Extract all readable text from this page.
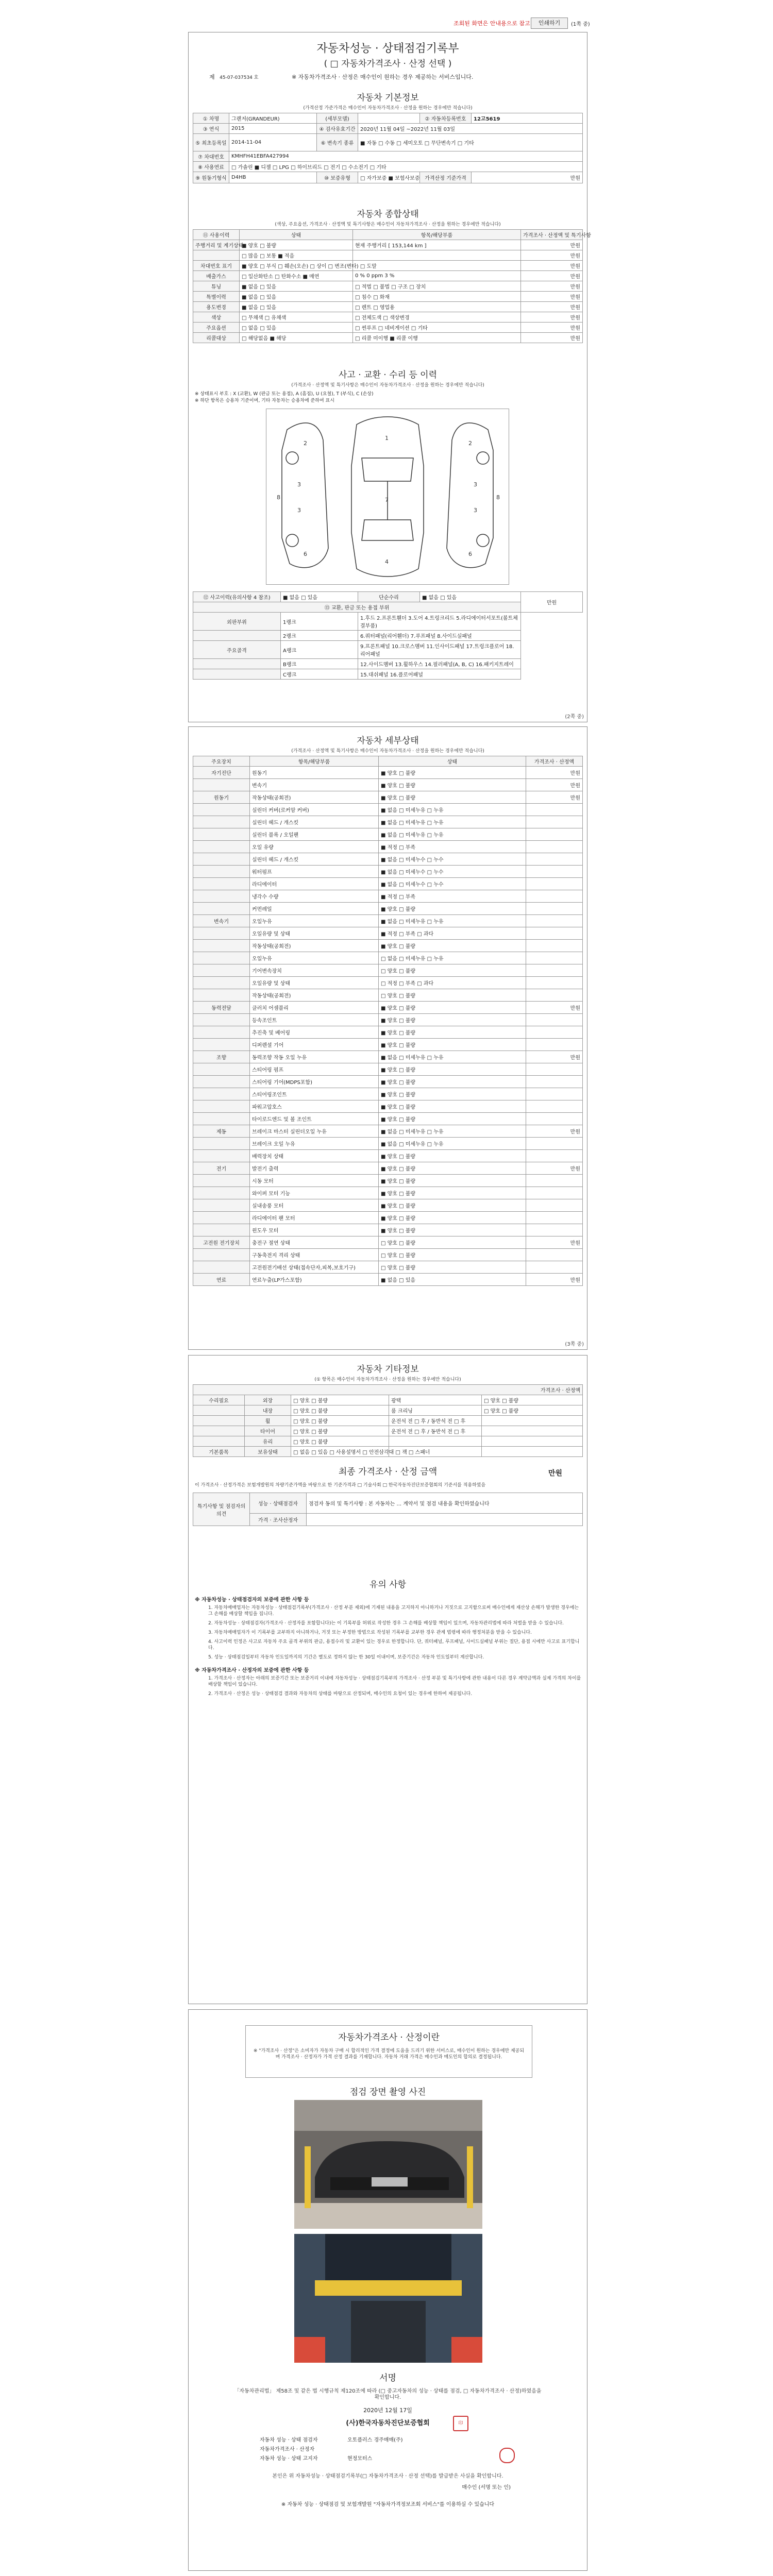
조회된 화면은 안내용으로 참고	인쇄하기	(1쪽 중)
자동차성능 · 상태점검기록부
( □ 자동차가격조사 · 산정 선택 )
제 45-07-037534 호	※ 자동차가격조사 · 산정은 매수인이 원하는 경우 제공하는 서비스입니다.
자동차 기본정보
(가격산정 가준가격은 매수인이 자동차가격조사 · 산정을 원하는 경우에만 적습니다)
① 차명	그랜저(GRANDEUR)	(세부모델)		② 자동차등록번호	12고5619
③ 연식	2015	④ 검사유효기간	2020년 11월 04일 ~2022년 11월 03일		
⑤ 최초등록일	2014-11-04	⑥ 변속기 종류	■ 자동 □ 수동 □ 세미오토 □ 무단변속기 □ 기타		
⑦ 차대번호	KMHFH41EBFA427994				
⑧ 사용연료	□ 가솔린 ■ 디젤 □ LPG □ 하이브리드 □ 전기 □ 수소전기 □ 기타				
⑨ 원동기형식	D4HB	⑩ 보증유형	□ 자가보증 ■ 보험사보증	가격산정 기준가격	만원
자동차 종합상태
(색상, 주요옵션, 가격조사 · 산정액 및 특기사항은 매수인이 자동차가격조사 · 산정을 원하는 경우에만 적습니다)
⑪ 사용이력	상태	항목/해당부품	가격조사 · 산정액 및 특기사항
주행거리 및 계기상태	■ 양호 □ 불량	현재 주행거리 [ 153,144 km ]	만원
	□ 많음 □ 보통 ■ 적음		만원
차대번호 표기	■ 양호 □ 부식 □ 훼손(오손) □ 상이 □ 변조(변타) □ 도말		만원
배출가스	□ 일산화탄소 □ 탄화수소 ■ 매연	0 % 0 ppm 3 %	만원
튜닝	■ 없음 □ 있음	□ 적법 □ 불법 □ 구조 □ 장치	만원
특별이력	■ 없음 □ 있음	□ 침수 □ 화재	만원
용도변경	■ 없음 □ 있음	□ 렌트 □ 영업용	만원
색상	□ 무채색 □ 유채색	□ 전체도색 □ 색상변경	만원
주요옵션	□ 없음 □ 있음	□ 썬루프 □ 네비게이션 □ 기타	만원
리콜대상	□ 해당없음 ■ 해당	□ 리콜 미이행 ■ 리콜 이행	만원
사고 · 교환 · 수리 등 이력
(가격조사 · 산정액 및 특기사항은 매수인이 자동차가격조사 · 산정을 원하는 경우에만 적습니다)
※ 상태표시 부호 : X (교환), W (판금 또는 용접), A (흠집), U (요철), T (부식), C (손상)
※ 하단 항목은 승용차 기준이며, 기타 자동차는 승용차에 준하여 표시
2
3
3
6
2
3
3
6
1
7
4
8	8
⑫ 사고이력(유의사항 4 참조)	■ 없음 □ 있음	단순수리	■ 없음 □ 있음	만원
⑬ 교환, 판금 또는 용접 부위				
외판부위	1랭크	1.후드 2.프론트휀더 3.도어 4.트렁크리드 5.라디에이터서포트(볼트체결부품)		
	2랭크	6.쿼터패널(리어휀더) 7.루프패널 8.사이드실패널		
주요골격	A랭크	9.프론트패널 10.크로스멤버 11.인사이드패널 17.트렁크플로어 18.리어패널		
	B랭크	12.사이드멤버 13.휠하우스 14.필러패널(A, B, C) 16.패키지트레이		
	C랭크	15.대쉬패널 16.플로어패널		
(2쪽 중)
자동차 세부상태
(가격조사 · 산정액 및 특기사항은 매수인이 자동차가격조사 · 산정을 원하는 경우에만 적습니다)
주요장치	항목/해당부품	상태	가격조사 · 산정액
자기진단	원동기	■ 양호 □ 불량	만원
	변속기	■ 양호 □ 불량	만원
원동기	작동상태(공회전)	■ 양호 □ 불량	만원
	실린더 커버(로커암 커버)	■ 없음 □ 미세누유 □ 누유	
	실린더 헤드 / 개스킷	■ 없음 □ 미세누유 □ 누유	
	실린더 블록 / 오일팬	■ 없음 □ 미세누유 □ 누유	
	오일 유량	■ 적정 □ 부족	
	실린더 헤드 / 개스킷	■ 없음 □ 미세누수 □ 누수	
	워터펌프	■ 없음 □ 미세누수 □ 누수	
	라디에이터	■ 없음 □ 미세누수 □ 누수	
	냉각수 수량	■ 적정 □ 부족	
	커먼레일	■ 양호 □ 불량	
변속기	오일누유	■ 없음 □ 미세누유 □ 누유	
	오일유량 및 상태	■ 적정 □ 부족 □ 과다	
	작동상태(공회전)	■ 양호 □ 불량	
	오일누유	□ 없음 □ 미세누유 □ 누유	
	기어변속장치	□ 양호 □ 불량	
	오일유량 및 상태	□ 적정 □ 부족 □ 과다	
	작동상태(공회전)	□ 양호 □ 불량	
동력전달	클러치 어셈블리	■ 양호 □ 불량	만원
	등속조인트	■ 양호 □ 불량	
	추진축 및 베어링	■ 양호 □ 불량	
	디퍼렌셜 기어	■ 양호 □ 불량	
조향	동력조향 작동 오일 누유	■ 없음 □ 미세누유 □ 누유	만원
	스티어링 펌프	■ 양호 □ 불량	
	스티어링 기어(MDPS포함)	■ 양호 □ 불량	
	스티어링조인트	■ 양호 □ 불량	
	파워고압호스	■ 양호 □ 불량	
	타이로드엔드 및 볼 조인트	■ 양호 □ 불량	
제동	브레이크 마스터 실린더오일 누유	■ 없음 □ 미세누유 □ 누유	만원
	브레이크 오일 누유	■ 없음 □ 미세누유 □ 누유	
	배력장치 상태	■ 양호 □ 불량	
전기	발전기 출력	■ 양호 □ 불량	만원
	시동 모터	■ 양호 □ 불량	
	와이퍼 모터 기능	■ 양호 □ 불량	
	실내송풍 모터	■ 양호 □ 불량	
	라디에이터 팬 모터	■ 양호 □ 불량	
	윈도우 모터	■ 양호 □ 불량	
고전원 전기장치	충전구 절연 상태	□ 양호 □ 불량	만원
	구동축전지 격리 상태	□ 양호 □ 불량	
	고전원전기배선 상태(접속단자,피복,보호기구)	□ 양호 □ 불량	
연료	연료누출(LP가스포함)	■ 없음 □ 있음	만원
(3쪽 중)
자동차 기타정보
(① 항목은 매수인이 자동차가격조사 · 산정을 원하는 경우에만 적습니다)
가격조사 · 산정액				
수리필요	외장	□ 양호 □ 불량	광택	□ 양호 □ 불량
	내장	□ 양호 □ 불량	룸 크리닝	□ 양호 □ 불량
	휠	□ 양호 □ 불량	운전석 전 □ 후 / 동반석 전 □ 후	
	타이어	□ 양호 □ 불량	운전석 전 □ 후 / 동반석 전 □ 후	
	유리	□ 양호 □ 불량		
기본품목	보유상태	□ 없음 □ 있음 □ 사용설명서 □ 안전삼각대 □ 잭 □ 스패너		
최종 가격조사 · 산정 금액	만원
이 가격조사 · 산정가격은 보험개발원의 차량기준가액을 바탕으로 한 기준가격과 □ 기술사회 □ 한국자동차진단보증협회의 기준서를 적용하였음
특기사항 및 점검자의 의견	성능 · 상태점검자	점검자 동의 및 특기사항 : 본 자동차는 ... 계약서 및 점검 내용을 확인하였습니다
	가격 · 조사산정자	
유의 사항
※ 자동차성능 · 상태점검자의 보증에 관한 사항 등
1. 자동차매매업자는 자동차성능 · 상태점검기록부(가격조사 · 산정 부분 제외)에 기재된 내용을 고지하지 아니하거나 거짓으로 고지함으로써 매수인에게 재산상 손해가 발생한 경우에는 그 손해를 배상할 책임을 집니다.
2. 자동차성능 · 상태점검자(가격조사 · 산정자를 포함합니다)는 이 기록부를 허위로 작성한 경우 그 손해를 배상할 책임이 있으며, 자동차관리법에 따라 처벌을 받을 수 있습니다.
3. 자동차매매업자가 이 기록부를 교부하지 아니하거나, 거짓 또는 부정한 방법으로 작성된 기록부를 교부한 경우 관계 법령에 따라 행정처분을 받을 수 있습니다.
4. 사고이력 인정은 사고로 자동차 주요 골격 부위의 판금, 용접수리 및 교환이 있는 경우로 한정합니다. 단, 쿼터패널, 루프패널, 사이드실패널 부위는 절단, 용접 시에만 사고로 표기합니다.
5. 성능 · 상태점검일부터 자동차 인도일까지의 기간은 별도로 정하지 않는 한 30일 이내이며, 보증기간은 자동차 인도일부터 계산합니다.
※ 자동차가격조사 · 산정자의 보증에 관한 사항 등
1. 가격조사 · 산정자는 아래의 보증기간 또는 보증거리 이내에 자동차성능 · 상태점검기록부의 가격조사 · 산정 부분 및 특기사항에 관한 내용이 다른 경우 계약금액과 실제 가격의 차이를 배상할 책임이 있습니다.
2. 가격조사 · 산정은 성능 · 상태점검 결과와 자동차의 상태를 바탕으로 산정되며, 매수인의 요청이 있는 경우에 한하여 제공됩니다.
자동차가격조사 · 산정이란
※ "가격조사 · 산정"은 소비자가 자동차 구매 시 합리적인 가격 결정에 도움을 드리기 위한 서비스로, 매수인이 원하는 경우에만 제공되며 가격조사 · 산정자가 가격 산정 결과를 기재합니다. 자동차 거래 가격은 매수인과 매도인의 합의로 결정됩니다.
점검 장면 촬영 사진
서명
「자동차관리법」 제58조 및 같은 법 시행규칙 제120조에 따라 (□ 중고자동차의 성능 · 상태를 점검, □ 자동차가격조사 · 산정)하였음을 확인합니다.
2020년 12월 17일
(사)한국자동차진단보증협회	印
자동차 성능 · 상태 점검자	오토플러스 경주매매(주)
자동차가격조사 · 산정자
자동차 성능 · 상태 고지자	현정모터스
본인은 위 자동차성능 · 상태점검기록부(□ 자동차가격조사 · 산정 선택)를 발급받은 사실을 확인합니다.
매수인 (서명 또는 인)
※ 자동차 성능 · 상태점검 및 보험개발원 "자동차가격정보조회 서비스"를 이용하실 수 있습니다
